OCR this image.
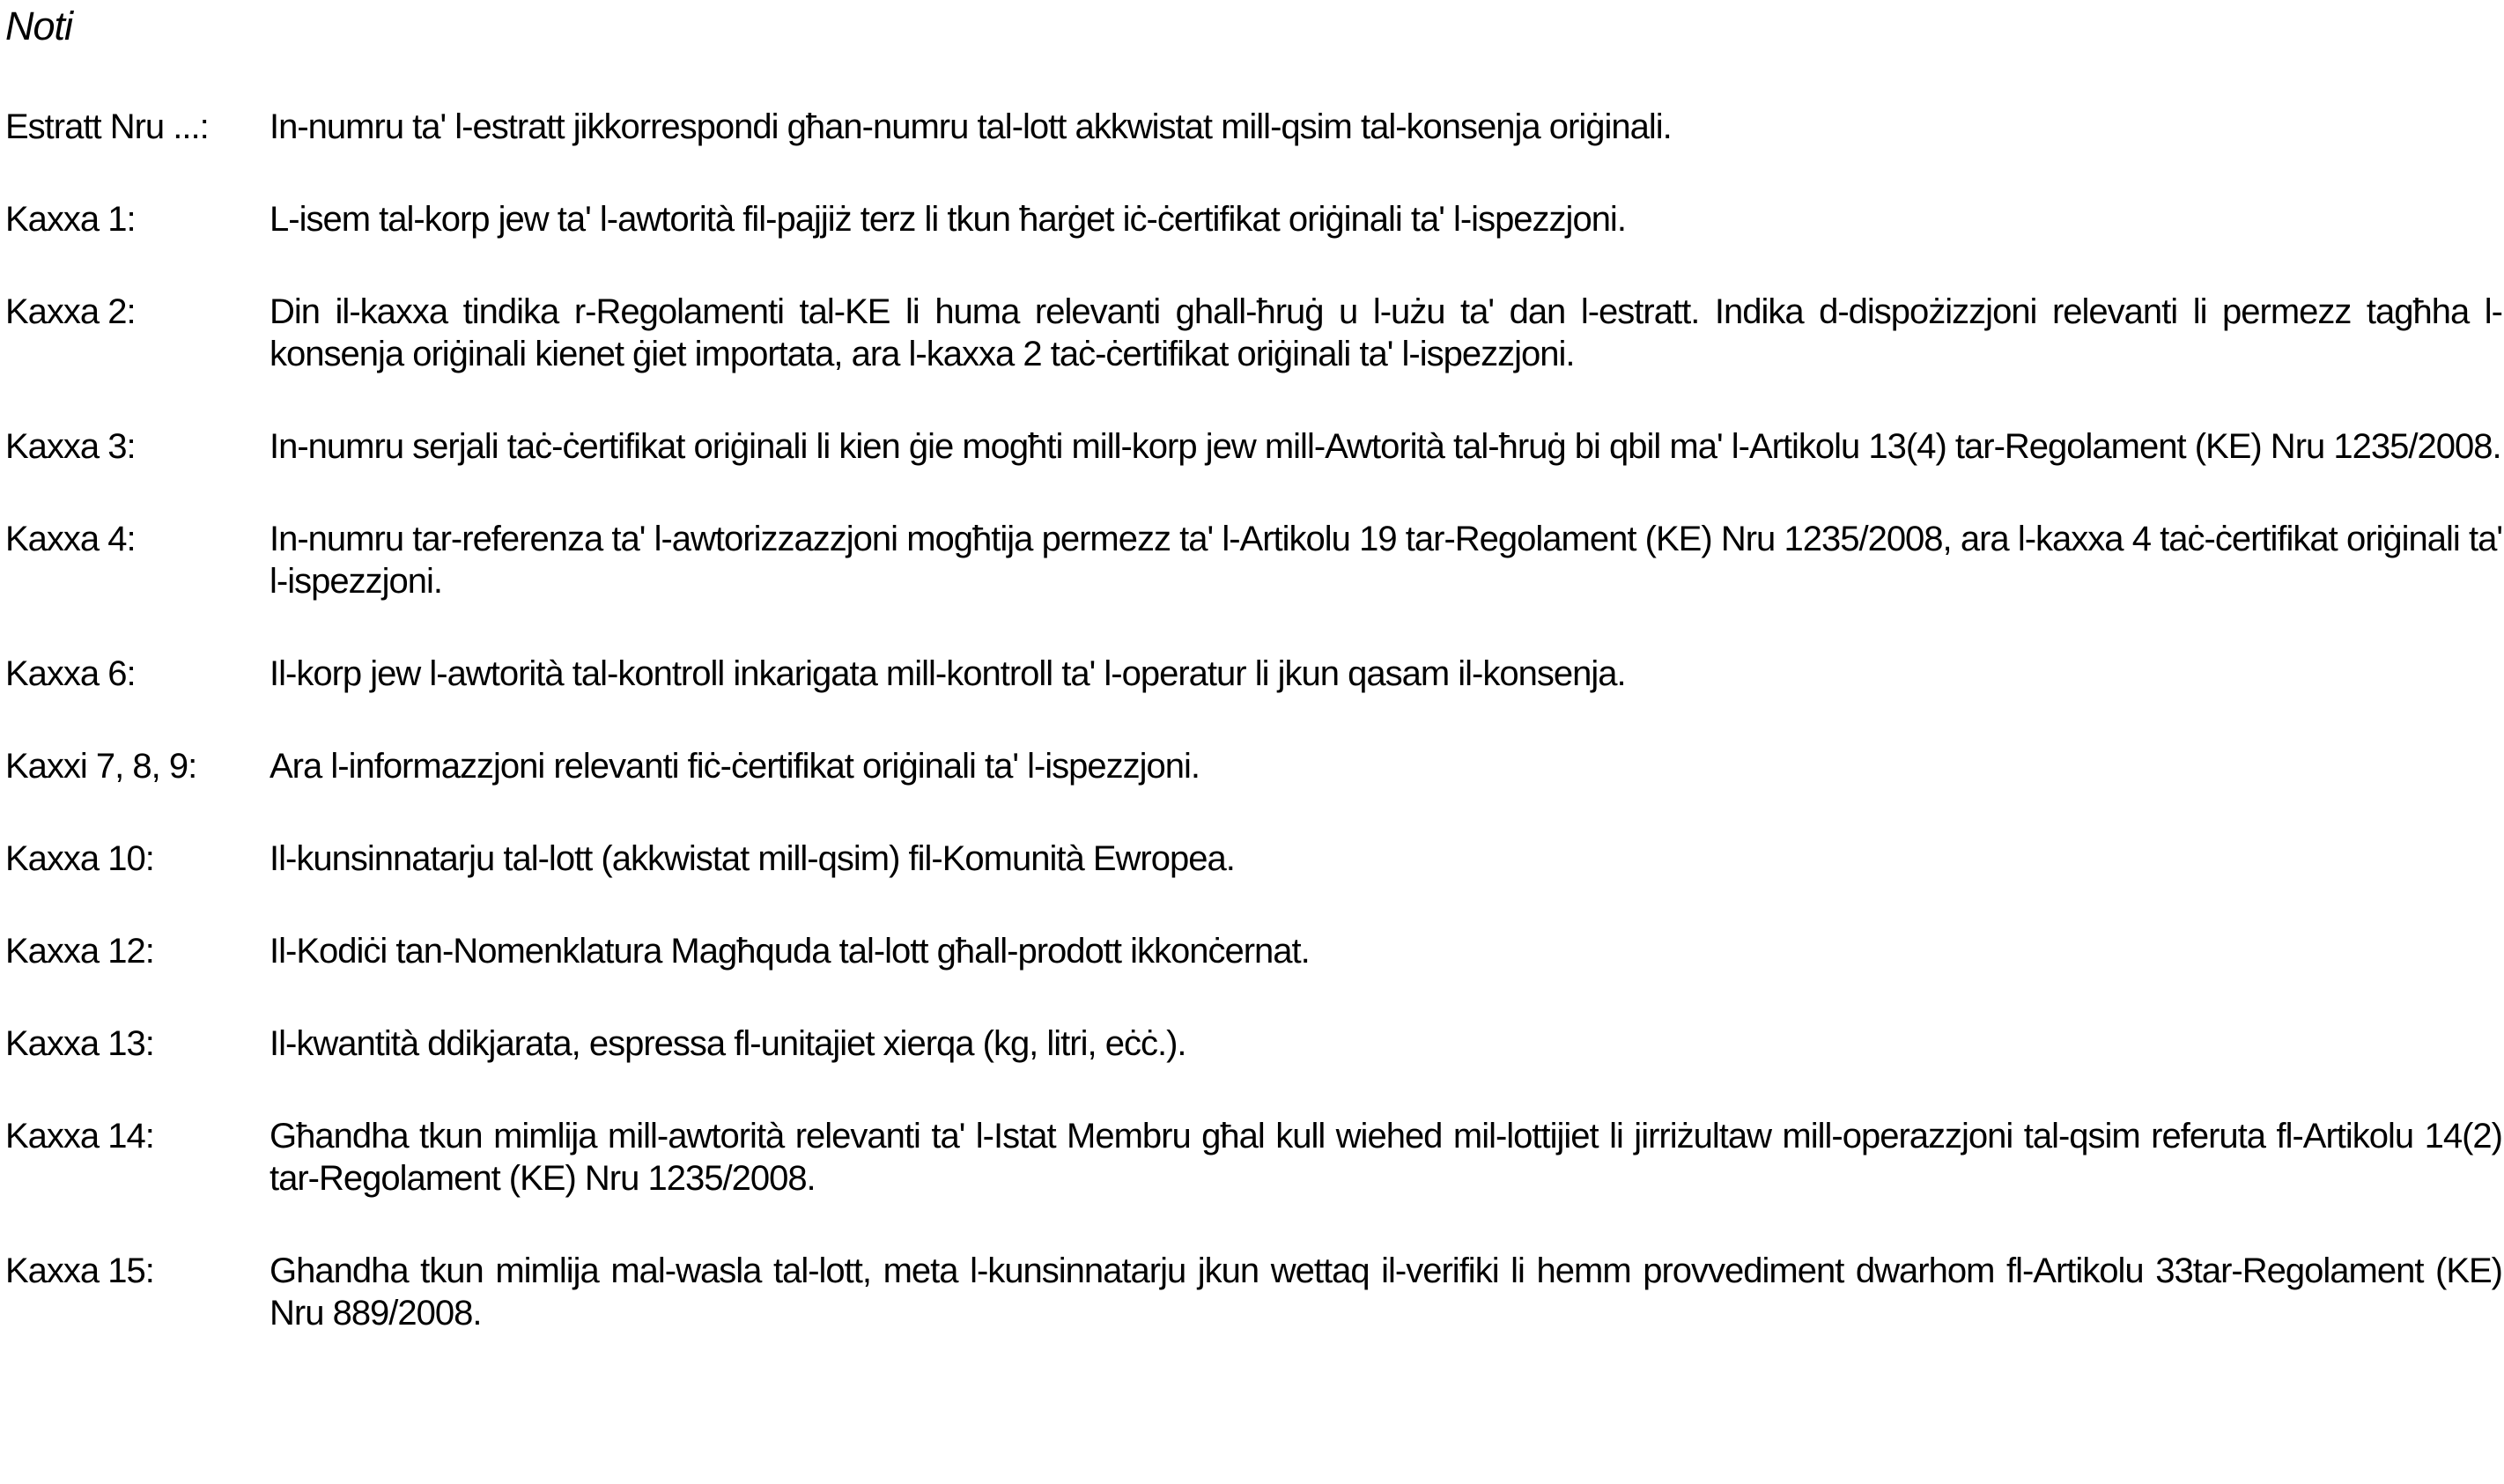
Noti
Estratt Nru ...:	In-numru ta' l-estratt jikkorrespondi għan-numru tal-lott akkwistat mill-qsim tal-konsenja oriġinali.
Kaxxa 1:	L-isem tal-korp jew ta' l-awtorità fil-pajjiż terz li tkun ħarġet iċ-ċertifikat oriġinali ta' l-ispezzjoni.
Kaxxa 2:	Din il-kaxxa tindika r-Regolamenti tal-KE li huma relevanti ghall-ħruġ u l-użu ta' dan l-estratt. Indika d-dispożizzjoni relevanti li permezz tagħha l-konsenja oriġinali kienet ġiet importata, ara l-kaxxa 2 taċ-ċertifikat oriġinali ta' l-ispezzjoni.
Kaxxa 3:	In-numru serjali taċ-ċertifikat oriġinali li kien ġie mogħti mill-korp jew mill-Awtorità tal-ħruġ bi qbil ma' l-Artikolu 13(4) tar-Regolament (KE) Nru 1235/2008.
Kaxxa 4:	In-numru tar-referenza ta' l-awtorizzazzjoni mogħtija permezz ta' l-Artikolu 19 tar-Regolament (KE) Nru 1235/2008, ara l-kaxxa 4 taċ-ċertifikat oriġinali ta' l-ispezzjoni.
Kaxxa 6:	Il-korp jew l-awtorità tal-kontroll inkarigata mill-kontroll ta' l-operatur li jkun qasam il-konsenja.
Kaxxi 7, 8, 9:	Ara l-informazzjoni relevanti fiċ-ċertifikat oriġinali ta' l-ispezzjoni.
Kaxxa 10:	Il-kunsinnatarju tal-lott (akkwistat mill-qsim) fil-Komunità Ewropea.
Kaxxa 12:	Il-Kodiċi tan-Nomenklatura Magħquda tal-lott għall-prodott ikkonċernat.
Kaxxa 13:	Il-kwantità ddikjarata, espressa fl-unitajiet xierqa (kg, litri, eċċ.).
Kaxxa 14:	Għandha tkun mimlija mill-awtorità relevanti ta' l-Istat Membru għal kull wiehed mil-lottijiet li jirriżultaw mill-operazzjoni tal-qsim referuta fl-Artikolu 14(2) tar-Regolament (KE) Nru 1235/2008.
Kaxxa 15:	Ghandha tkun mimlija mal-wasla tal-lott, meta l-kunsinnatarju jkun wettaq il-verifiki li hemm provvediment dwarhom fl-Artikolu 33tar-Regolament (KE) Nru 889/2008.
